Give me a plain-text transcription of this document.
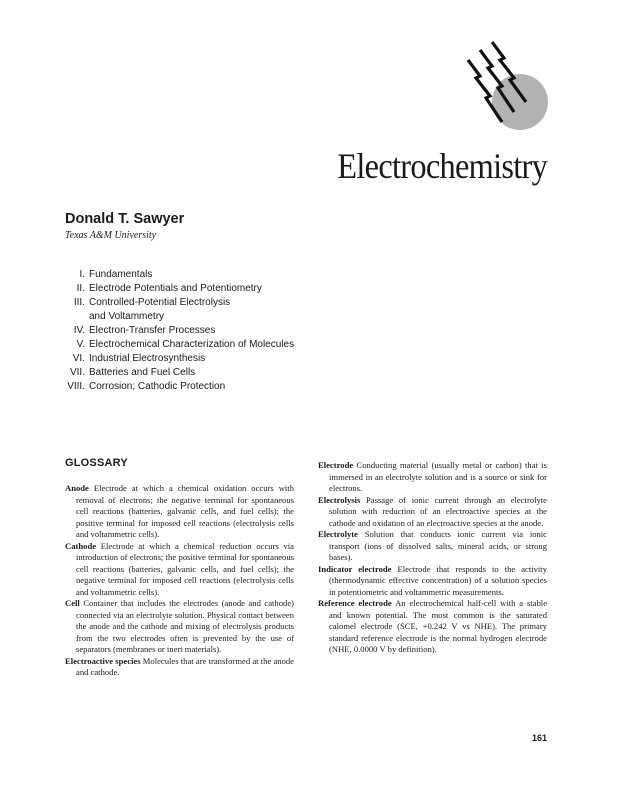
Electrochemistry
Donald T. Sawyer
Texas A&M University
I. Fundamentals
II. Electrode Potentials and Potentiometry
III. Controlled-Potential Electrolysis
and Voltammetry
IV. Electron-Transfer Processes
V. Electrochemical Characterization of Molecules
VI. Industrial Electrosynthesis
VII. Batteries and Fuel Cells
VIII. Corrosion; Cathodic Protection
GLOSSARY

Anode Electrode at which a chemical oxidation occurs with removal of electrons; the negative terminal for spontaneous cell reactions (batteries, galvanic cells, and fuel cells); the positive terminal for imposed cell reactions (electrolysis cells and voltammetric cells).

Cathode Electrode at which a chemical reduction occurs via introduction of electrons; the positive terminal for spontaneous cell reactions (batteries, galvanic cells, and fuel cells); the negative terminal for imposed cell reactions (electrolysis cells and voltammetric cells).

Cell Container that includes the electrodes (anode and cathode) connected via an electrolyte solution. Physical contact between the anode and the cathode and mixing of electrolysis products from the two electrodes often is prevented by the use of separators (membranes or inert materials).

Electroactive species Molecules that are transformed at the anode and cathode.

Electrode Conducting material (usually metal or carbon) that is immersed in an electrolyte solution and is a source or sink for electrons.

Electrolysis Passage of ionic current through an electrolyte solution with reduction of an electroactive species at the cathode and oxidation of an electroactive species at the anode.

Electrolyte Solution that conducts ionic current via ionic transport (ions of dissolved salts, mineral acids, or strong bases).

Indicator electrode Electrode that responds to the activity (thermodynamic effective concentration) of a solution species in potentiometric and voltammetric measurements.

Reference electrode An electrochemical half-cell with a stable and known potential. The most common is the saturated calomel electrode (SCE, +0.242 V vs NHE). The primary standard reference electrode is the normal hydrogen electrode (NHE, 0.0000 V by definition).

161
